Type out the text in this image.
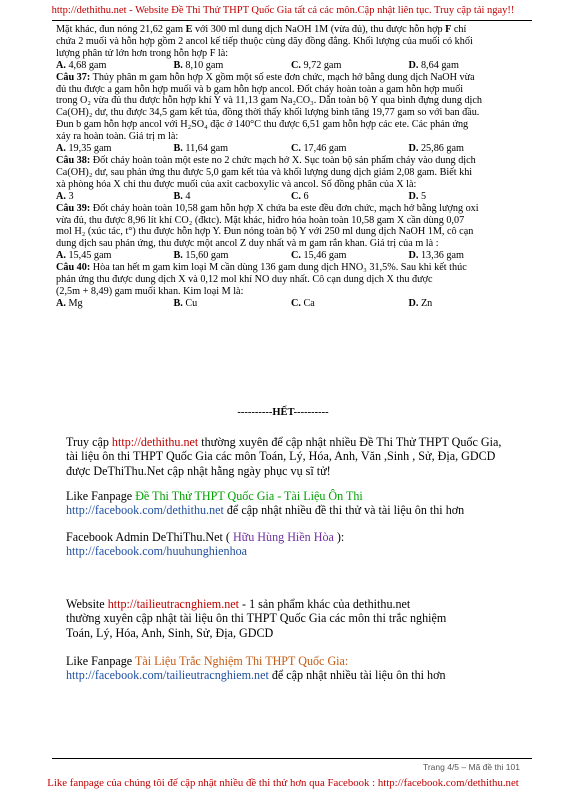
http://dethithu.net - Website Đề Thi Thử THPT Quốc Gia tất cả các môn.Cập nhật liên tục. Truy cập tải ngay!!

Mặt khác, đun nóng 21,62 gam E với 300 ml dung dịch NaOH 1M (vừa đủ), thu được hỗn hợp F chỉ

chứa 2 muối và hỗn hợp gồm 2 ancol kế tiếp thuộc cùng dãy đồng đẳng. Khối lượng của muối có khối

lượng phân tử lớn hơn trong hỗn hợp F là:

A. 4,68 gam	B. 8,10 gam	C. 9,72 gam	D. 8,64 gam

Câu 37: Thủy phân m gam hỗn hợp X gồm một số este đơn chức, mạch hở bằng dung dịch NaOH vừa

đủ thu được a gam hỗn hợp muối và b gam hỗn hợp ancol. Đốt cháy hoàn toàn a gam hỗn hợp muối

trong O₂ vừa đủ thu được hỗn hợp khí Y và 11,13 gam Na₂CO₃. Dẫn toàn bộ Y qua bình đựng dung dịch

Ca(OH)₂ dư, thu được 34,5 gam kết tủa, đồng thời thấy khối lượng bình tăng 19,77 gam so với ban đầu.

Đun b gam hỗn hợp ancol với H₂SO₄ đặc ở 140°C thu được 6,51 gam hỗn hợp các ete. Các phản ứng

xảy ra hoàn toàn. Giá trị m là:

A. 19,35 gam	B. 11,64 gam	C. 17,46 gam	D. 25,86 gam

Câu 38: Đốt cháy hoàn toàn một este no 2 chức mạch hở X. Sục toàn bộ sản phẩm cháy vào dung dịch

Ca(OH)₂ dư, sau phản ứng thu được 5,0 gam kết tủa và khối lượng dung dịch giảm 2,08 gam. Biết khi

xà phòng hóa X chỉ thu được muối của axit cacboxylic và ancol. Số đồng phân của X là:

A. 3	B. 4	C. 6	D. 5

Câu 39: Đốt cháy hoàn toàn 10,58 gam hỗn hợp X chứa ba este đều đơn chức, mạch hở bằng lượng oxi

vừa đủ, thu được 8,96 lít khí CO₂ (đktc). Mặt khác, hiđro hóa hoàn toàn 10,58 gam X cần dùng 0,07

mol H₂ (xúc tác, t°) thu được hỗn hợp Y. Đun nóng toàn bộ Y với 250 ml dung dịch NaOH 1M, cô cạn

dung dịch sau phản ứng, thu được một ancol Z duy nhất và m gam rắn khan. Giá trị của m là :

A. 15,45 gam	B. 15,60 gam	C. 15,46 gam	D. 13,36 gam

Câu 40: Hòa tan hết m gam kim loại M cần dùng 136 gam dung dịch HNO₃ 31,5%. Sau khi kết thúc

phản ứng thu được dung dịch X và 0,12 mol khí NO duy nhất. Cô cạn dung dịch X thu được

(2,5m + 8,49) gam muối khan. Kim loại M là:

A. Mg	B. Cu	C. Ca	D. Zn
----------HẾT----------

Truy cập http://dethithu.net thường xuyên để cập nhật nhiều Đề Thi Thử THPT Quốc Gia,

tài liệu ôn thi THPT Quốc Gia các môn Toán, Lý, Hóa, Anh, Văn ,Sinh , Sử, Địa, GDCD

được DeThiThu.Net cập nhật hằng ngày phục vụ sĩ tử!

Like Fanpage Đề Thi Thử THPT Quốc Gia - Tài Liệu Ôn Thi

http://facebook.com/dethithu.net để cập nhật nhiều đề thi thử và tài liệu ôn thi hơn

Facebook Admin DeThiThu.Net ( Hữu Hùng Hiền Hòa ):

http://facebook.com/huuhunghienhoa

Website http://tailieutracnghiem.net - 1 sản phẩm khác của dethithu.net

thường xuyên cập nhật tài liệu ôn thi THPT Quốc Gia các môn thi trắc nghiệm

Toán, Lý, Hóa, Anh, Sinh, Sử, Địa, GDCD

Like Fanpage Tài Liệu Trắc Nghiệm Thi THPT Quốc Gia:

http://facebook.com/tailieutracnghiem.net để cập nhật nhiều tài liệu ôn thi hơn

Trang 4/5 – Mã đề thi 101
Like fanpage của chúng tôi để cập nhật nhiều đề thi thử hơn qua Facebook : http://facebook.com/dethithu.net
